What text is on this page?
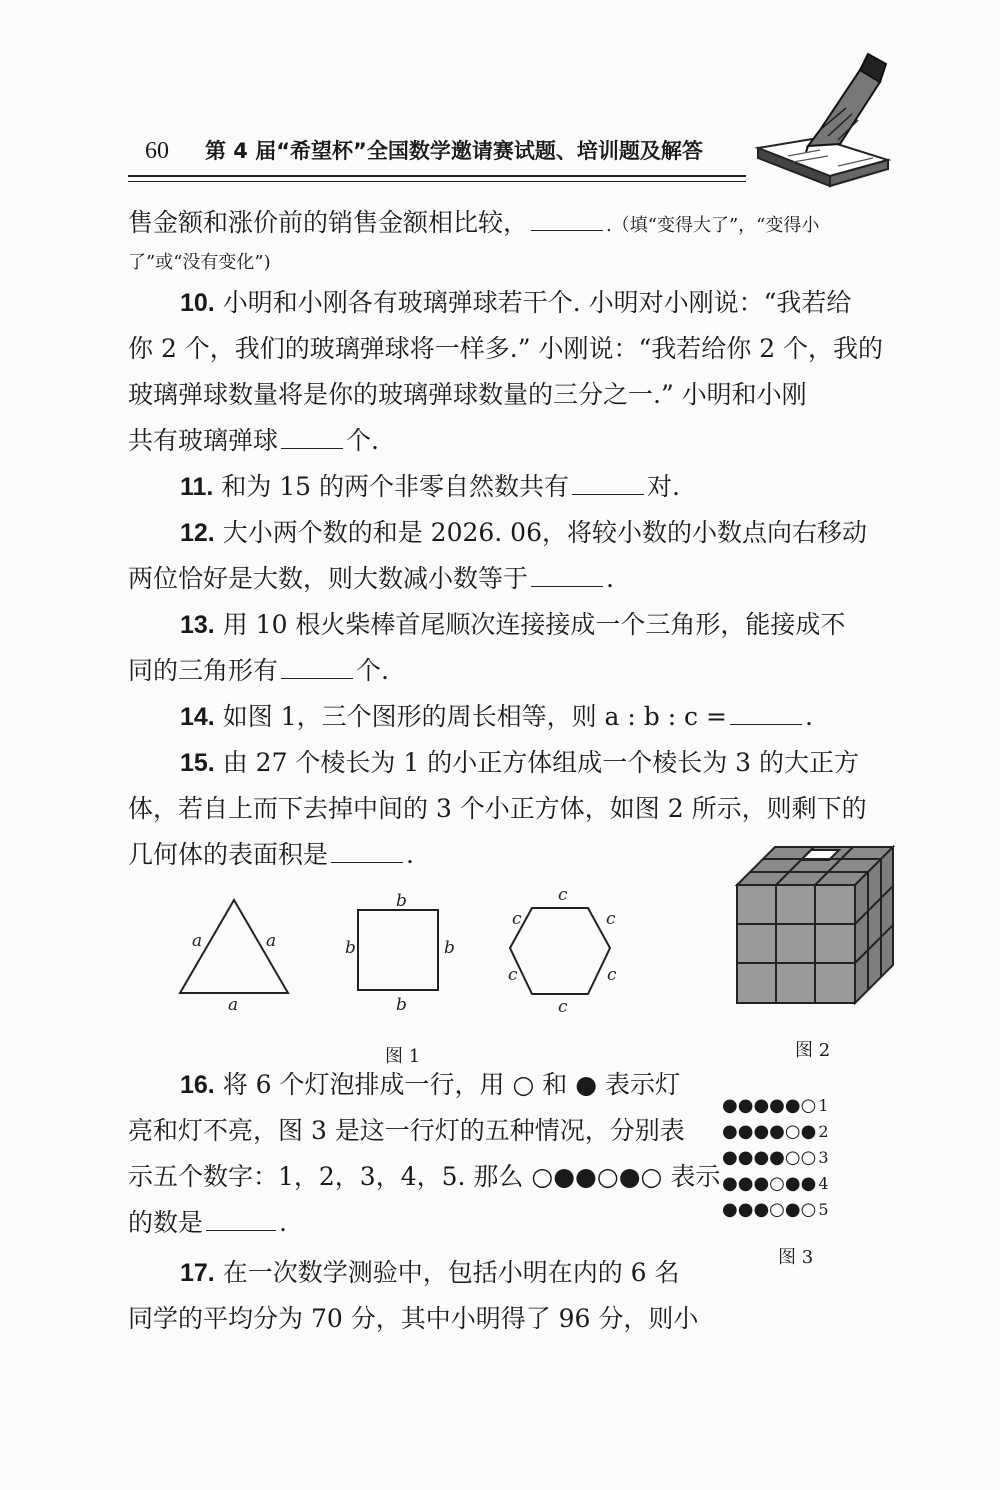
60 第 4 届“希望杯”全国数学邀请赛试题、培训题及解答
售金额和涨价前的销售金额相比较，	.（填“变得大了”，“变得小
了”或“没有变化”)
10. 小明和小刚各有玻璃弹球若干个. 小明对小刚说：“我若给
你 2 个，我们的玻璃弹球将一样多.” 小刚说：“我若给你 2 个，我的
玻璃弹球数量将是你的玻璃弹球数量的三分之一.” 小明和小刚
共有玻璃弹球	个.
11. 和为 15 的两个非零自然数共有	对.
12. 大小两个数的和是 2026. 06，将较小数的小数点向右移动
两位恰好是大数，则大数减小数等于	.
13. 用 10 根火柴棒首尾顺次连接接成一个三角形，能接成不
同的三角形有	个.
14. 如图 1，三个图形的周长相等，则 a : b : c =	.
15. 由 27 个棱长为 1 的小正方体组成一个棱长为 3 的大正方
体，若自上而下去掉中间的 3 个小正方体，如图 2 所示，则剩下的
几何体的表面积是	.
a	a
a
b
b	b
b
c
c	c
c	c
c
图 1	图 2
16. 将 6 个灯泡排成一行，用 ○ 和 ● 表示灯
亮和灯不亮，图 3 是这一行灯的五种情况，分别表
示五个数字：1，2，3，4，5. 那么 ○●●○●○ 表示
的数是	.
17. 在一次数学测验中，包括小明在内的 6 名
同学的平均分为 70 分，其中小明得了 96 分，则小
●●●●●○ 1
●●●●○● 2
●●●●○○ 3
●●●○●● 4
●●●○●○ 5
图 3
